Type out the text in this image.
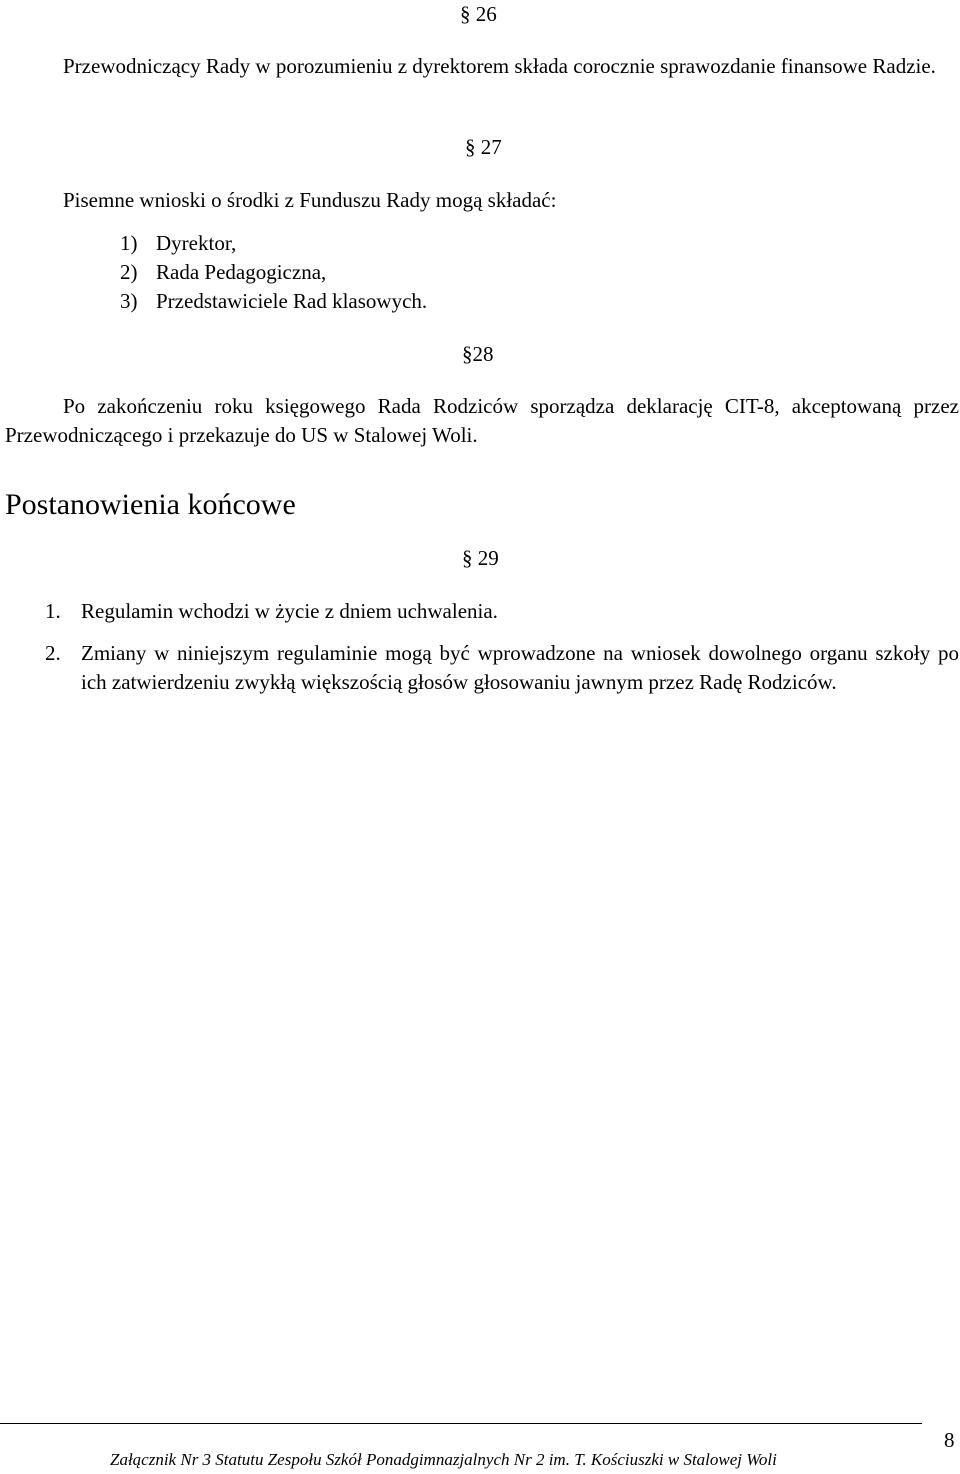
§ 26

Przewodniczący Rady w porozumieniu z dyrektorem składa corocznie sprawozdanie finansowe Radzie.

§ 27

Pisemne wnioski o środki z Funduszu Rady mogą składać:

1) Dyrektor,
2) Rada Pedagogiczna,
3) Przedstawiciele Rad klasowych.
§28

Po zakończeniu roku księgowego Rada Rodziców sporządza deklarację CIT-8, akceptowaną przez Przewodniczącego i przekazuje do US w Stalowej Woli.

Postanowienia końcowe
§ 29
1. Regulamin wchodzi w życie z dniem uchwalenia.
2. Zmiany w niniejszym regulaminie mogą być wprowadzone na wniosek dowolnego organu szkoły po ich zatwierdzeniu zwykłą większością głosów głosowaniu jawnym przez Radę Rodziców.

Załącznik Nr 3 Statutu Zespołu Szkół Ponadgimnazjalnych Nr 2 im. T. Kościuszki w Stalowej Woli
8
